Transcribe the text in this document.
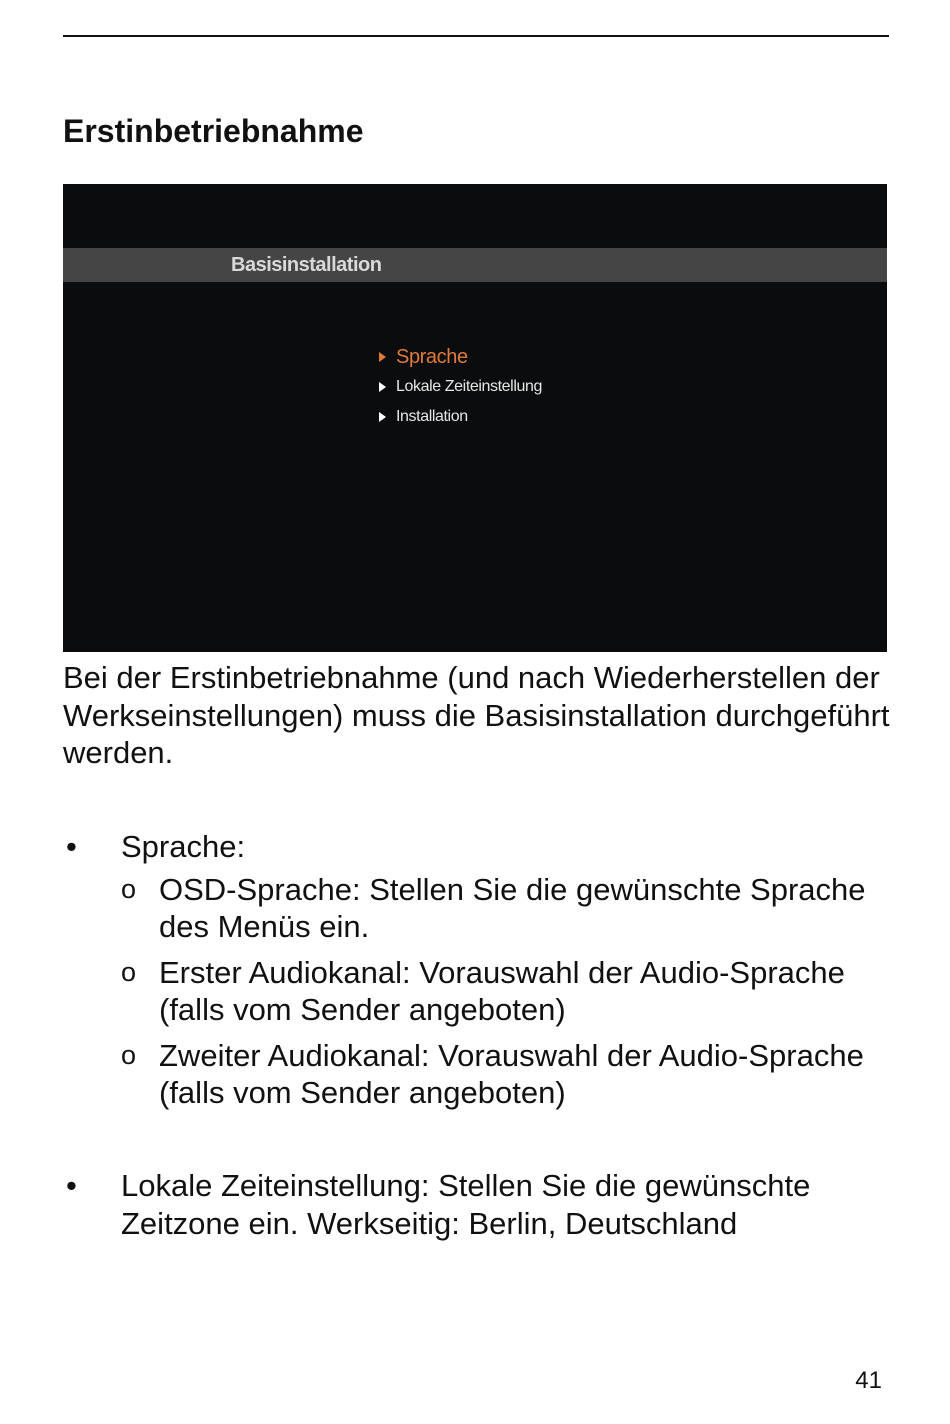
Erstinbetriebnahme
Basisinstallation
Sprache
Lokale Zeiteinstellung
Installation

Bei der Erstinbetriebnahme (und nach Wiederherstellen der Werkseinstellungen) muss die Basisinstallation durchgeführt werden.

• Sprache:
o OSD-Sprache: Stellen Sie die gewünschte Sprache des Menüs ein.
o Erster Audiokanal: Vorauswahl der Audio-Sprache (falls vom Sender angeboten)
o Zweiter Audiokanal: Vorauswahl der Audio-Sprache (falls vom Sender angeboten)
• Lokale Zeiteinstellung: Stellen Sie die gewünschte Zeitzone ein. Werkseitig: Berlin, Deutschland
41
